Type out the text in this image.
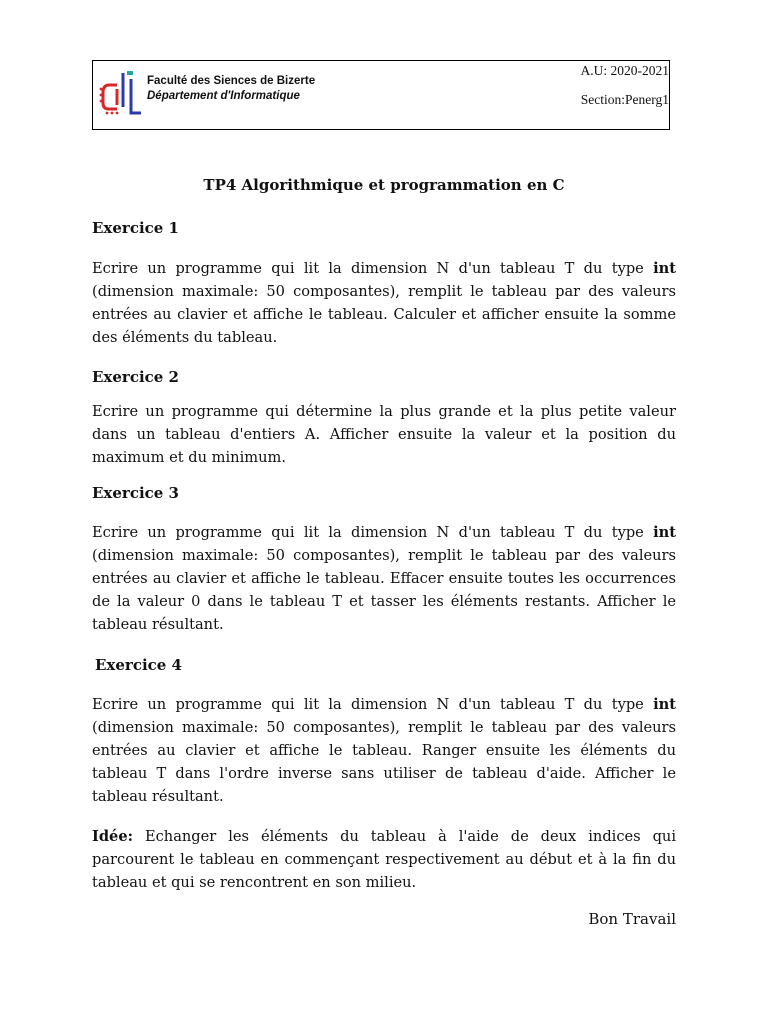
Faculté des Siences de Bizerte
Département d'Informatique
A.U: 2020-2021
Section:Penerg1
TP4 Algorithmique et programmation en C
Exercice 1

Ecrire un programme qui lit la dimension N d'un tableau T du type int (dimension maximale: 50 composantes), remplit le tableau par des valeurs entrées au clavier et affiche le tableau. Calculer et afficher ensuite la somme des éléments du tableau.

Exercice 2

Ecrire un programme qui détermine la plus grande et la plus petite valeur dans un tableau d'entiers A. Afficher ensuite la valeur et la position du maximum et du minimum.

Exercice 3

Ecrire un programme qui lit la dimension N d'un tableau T du type int (dimension maximale: 50 composantes), remplit le tableau par des valeurs entrées au clavier et affiche le tableau. Effacer ensuite toutes les occurrences de la valeur 0 dans le tableau T et tasser les éléments restants. Afficher le tableau résultant.

Exercice 4

Ecrire un programme qui lit la dimension N d'un tableau T du type int (dimension maximale: 50 composantes), remplit le tableau par des valeurs entrées au clavier et affiche le tableau. Ranger ensuite les éléments du tableau T dans l'ordre inverse sans utiliser de tableau d'aide. Afficher le tableau résultant.

Idée: Echanger les éléments du tableau à l'aide de deux indices qui parcourent le tableau en commençant respectivement au début et à la fin du tableau et qui se rencontrent en son milieu.

Bon Travail
